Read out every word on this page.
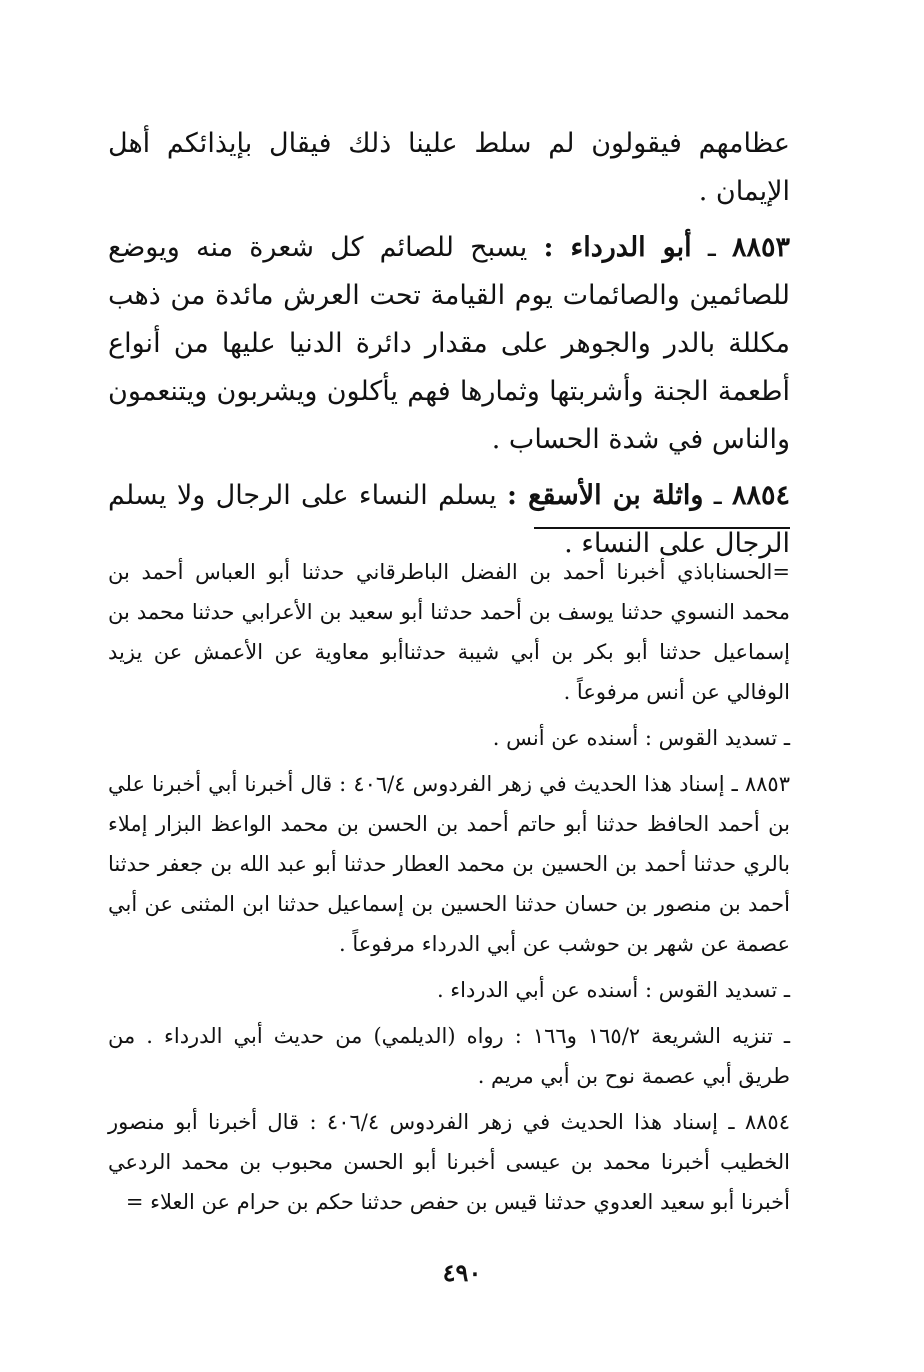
عظامهم فيقولون لم سلط علينا ذلك فيقال بإيذائكم أهل الإيمان .

٨٨٥٣ ـ أبو الدرداء : يسبح للصائم كل شعرة منه ويوضع للصائمين والصائمات يوم القيامة تحت العرش مائدة من ذهب مكللة بالدر والجوهر على مقدار دائرة الدنيا عليها من أنواع أطعمة الجنة وأشربتها وثمارها فهم يأكلون ويشربون ويتنعمون والناس في شدة الحساب .

٨٨٥٤ ـ واثلة بن الأسقع : يسلم النساء على الرجال ولا يسلم الرجال على النساء .

=الحسناباذي أخبرنا أحمد بن الفضل الباطرقاني حدثنا أبو العباس أحمد بن محمد النسوي حدثنا يوسف بن أحمد حدثنا أبو سعيد بن الأعرابي حدثنا محمد بن إسماعيل حدثنا أبو بكر بن أبي شيبة حدثناأبو معاوية عن الأعمش عن يزيد الوفالي عن أنس مرفوعاً .

ـ تسديد القوس : أسنده عن أنس .

٨٨٥٣ ـ إسناد هذا الحديث في زهر الفردوس ٤٠٦/٤ : قال أخبرنا أبي أخبرنا علي بن أحمد الحافظ حدثنا أبو حاتم أحمد بن الحسن بن محمد الواعظ البزار إملاء بالري حدثنا أحمد بن الحسين بن محمد العطار حدثنا أبو عبد الله بن جعفر حدثنا أحمد بن منصور بن حسان حدثنا الحسين بن إسماعيل حدثنا ابن المثنى عن أبي عصمة عن شهر بن حوشب عن أبي الدرداء مرفوعاً .

ـ تسديد القوس : أسنده عن أبي الدرداء .

ـ تنزيه الشريعة ١٦٥/٢ و١٦٦ : رواه (الديلمي) من حديث أبي الدرداء . من طريق أبي عصمة نوح بن أبي مريم .

٨٨٥٤ ـ إسناد هذا الحديث في زهر الفردوس ٤٠٦/٤ : قال أخبرنا أبو منصور الخطيب أخبرنا محمد بن عيسى أخبرنا أبو الحسن محبوب بن محمد الردعي أخبرنا أبو سعيد العدوي حدثنا قيس بن حفص حدثنا حكم بن حرام عن العلاء =

٤٩٠
